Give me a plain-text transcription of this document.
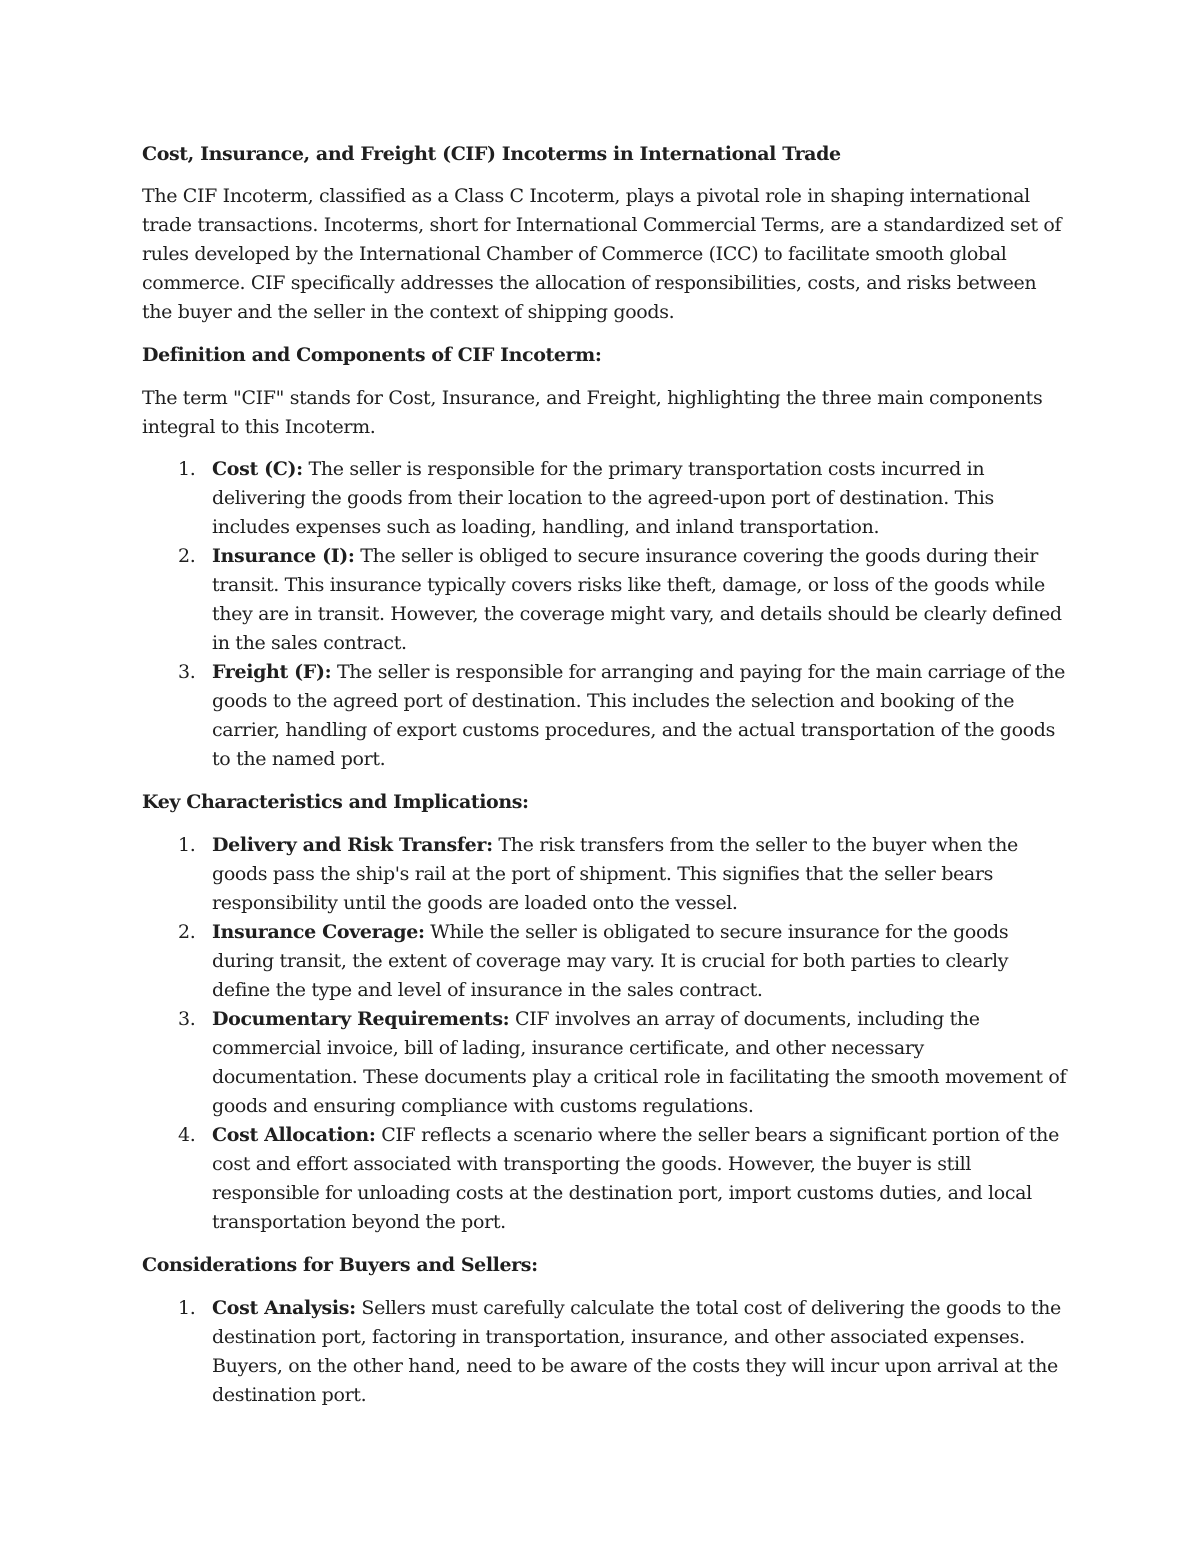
Cost, Insurance, and Freight (CIF) Incoterms in International Trade

The CIF Incoterm, classified as a Class C Incoterm, plays a pivotal role in shaping international trade transactions. Incoterms, short for International Commercial Terms, are a standardized set of rules developed by the International Chamber of Commerce (ICC) to facilitate smooth global commerce. CIF specifically addresses the allocation of responsibilities, costs, and risks between the buyer and the seller in the context of shipping goods.

Definition and Components of CIF Incoterm:

The term "CIF" stands for Cost, Insurance, and Freight, highlighting the three main components integral to this Incoterm.

1. Cost (C): The seller is responsible for the primary transportation costs incurred in delivering the goods from their location to the agreed-upon port of destination. This includes expenses such as loading, handling, and inland transportation.
2. Insurance (I): The seller is obliged to secure insurance covering the goods during their transit. This insurance typically covers risks like theft, damage, or loss of the goods while they are in transit. However, the coverage might vary, and details should be clearly defined in the sales contract.
3. Freight (F): The seller is responsible for arranging and paying for the main carriage of the goods to the agreed port of destination. This includes the selection and booking of the carrier, handling of export customs procedures, and the actual transportation of the goods to the named port.
Key Characteristics and Implications:
1. Delivery and Risk Transfer: The risk transfers from the seller to the buyer when the goods pass the ship's rail at the port of shipment. This signifies that the seller bears responsibility until the goods are loaded onto the vessel.
2. Insurance Coverage: While the seller is obligated to secure insurance for the goods during transit, the extent of coverage may vary. It is crucial for both parties to clearly define the type and level of insurance in the sales contract.
3. Documentary Requirements: CIF involves an array of documents, including the commercial invoice, bill of lading, insurance certificate, and other necessary documentation. These documents play a critical role in facilitating the smooth movement of goods and ensuring compliance with customs regulations.
4. Cost Allocation: CIF reflects a scenario where the seller bears a significant portion of the cost and effort associated with transporting the goods. However, the buyer is still responsible for unloading costs at the destination port, import customs duties, and local transportation beyond the port.
Considerations for Buyers and Sellers:
1. Cost Analysis: Sellers must carefully calculate the total cost of delivering the goods to the destination port, factoring in transportation, insurance, and other associated expenses. Buyers, on the other hand, need to be aware of the costs they will incur upon arrival at the destination port.
